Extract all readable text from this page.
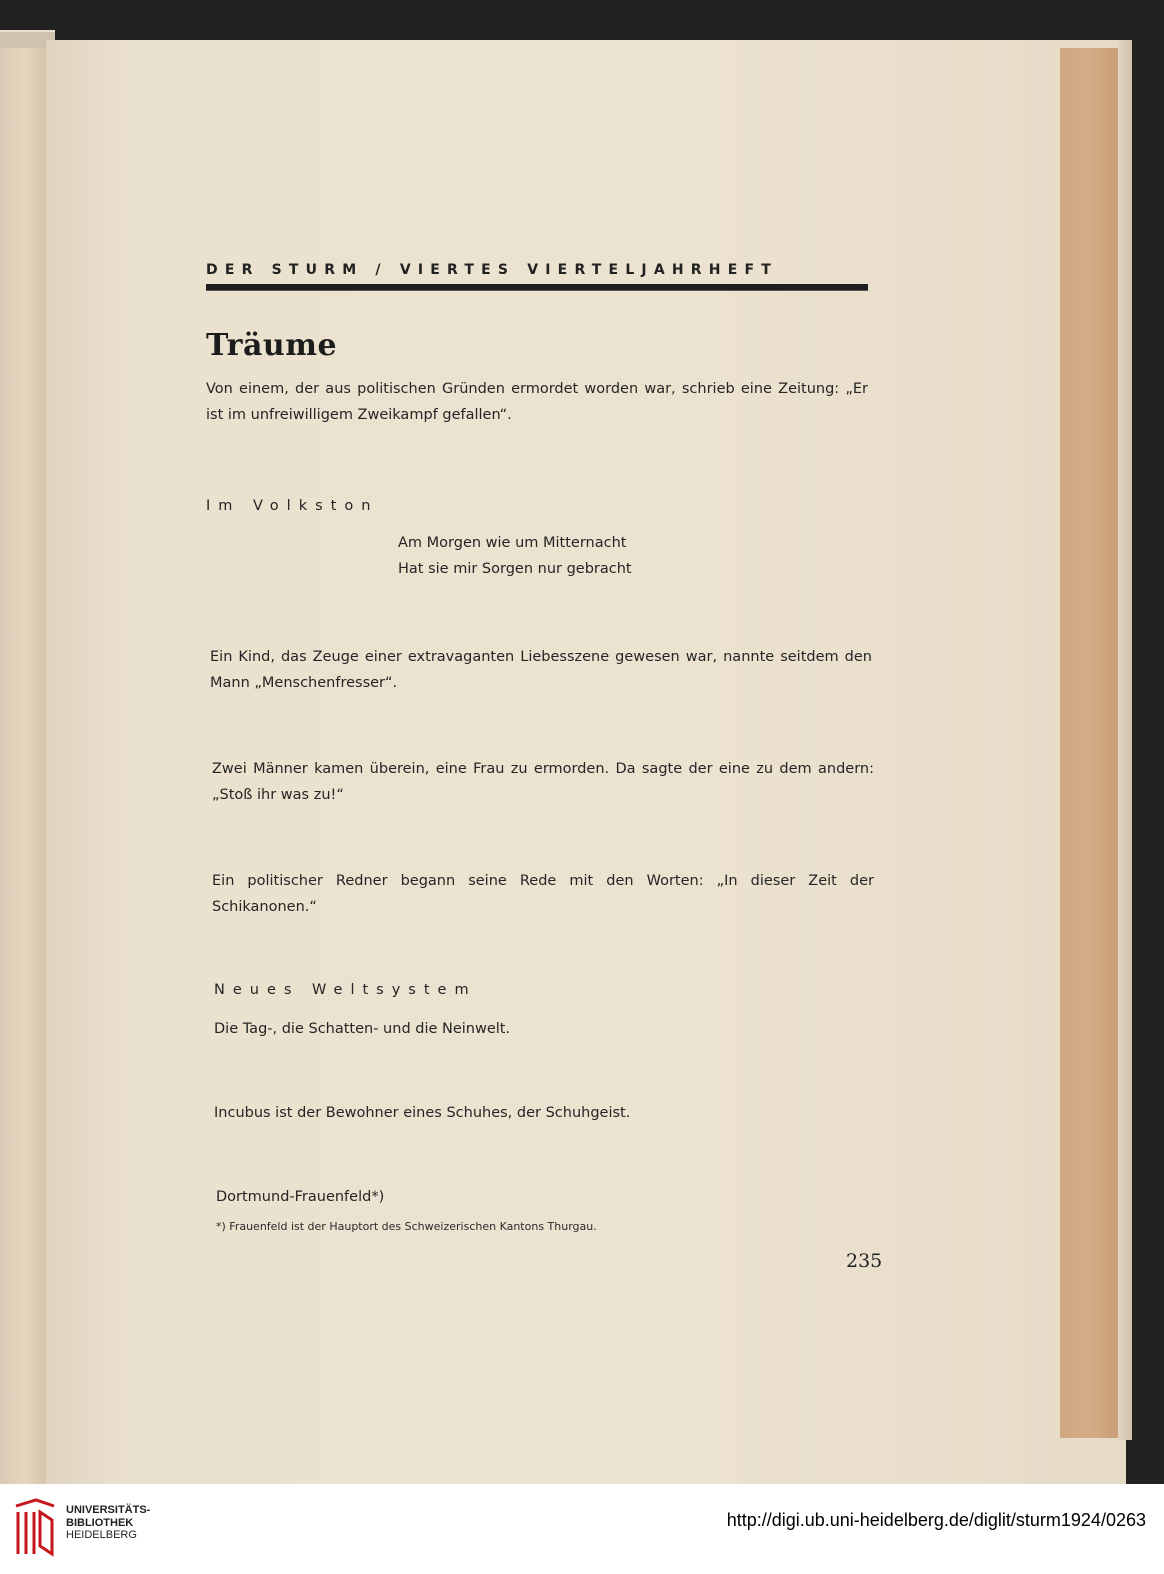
DER STURM / VIERTES VIERTELJAHRHEFT
Träume
Von einem, der aus politischen Gründen ermordet worden war, schrieb eine Zeitung: „Er ist im unfreiwilligem Zweikampf gefallen“.
Im Volkston
Am Morgen wie um Mitternacht
Hat sie mir Sorgen nur gebracht
Ein Kind, das Zeuge einer extravaganten Liebesszene gewesen war, nannte seitdem den Mann „Menschenfresser“.
Zwei Männer kamen überein, eine Frau zu ermorden. Da sagte der eine zu dem andern: „Stoß ihr was zu!“
Ein politischer Redner begann seine Rede mit den Worten: „In dieser Zeit der Schikanonen.“
Neues Weltsystem
Die Tag-, die Schatten- und die Neinwelt.
Incubus ist der Bewohner eines Schuhes, der Schuhgeist.
Dortmund-Frauenfeld*)
*) Frauenfeld ist der Hauptort des Schweizerischen Kantons Thurgau.
235
UNIVERSITÄTS-
BIBLIOTHEK
HEIDELBERG
http://digi.ub.uni-heidelberg.de/diglit/sturm1924/0263
